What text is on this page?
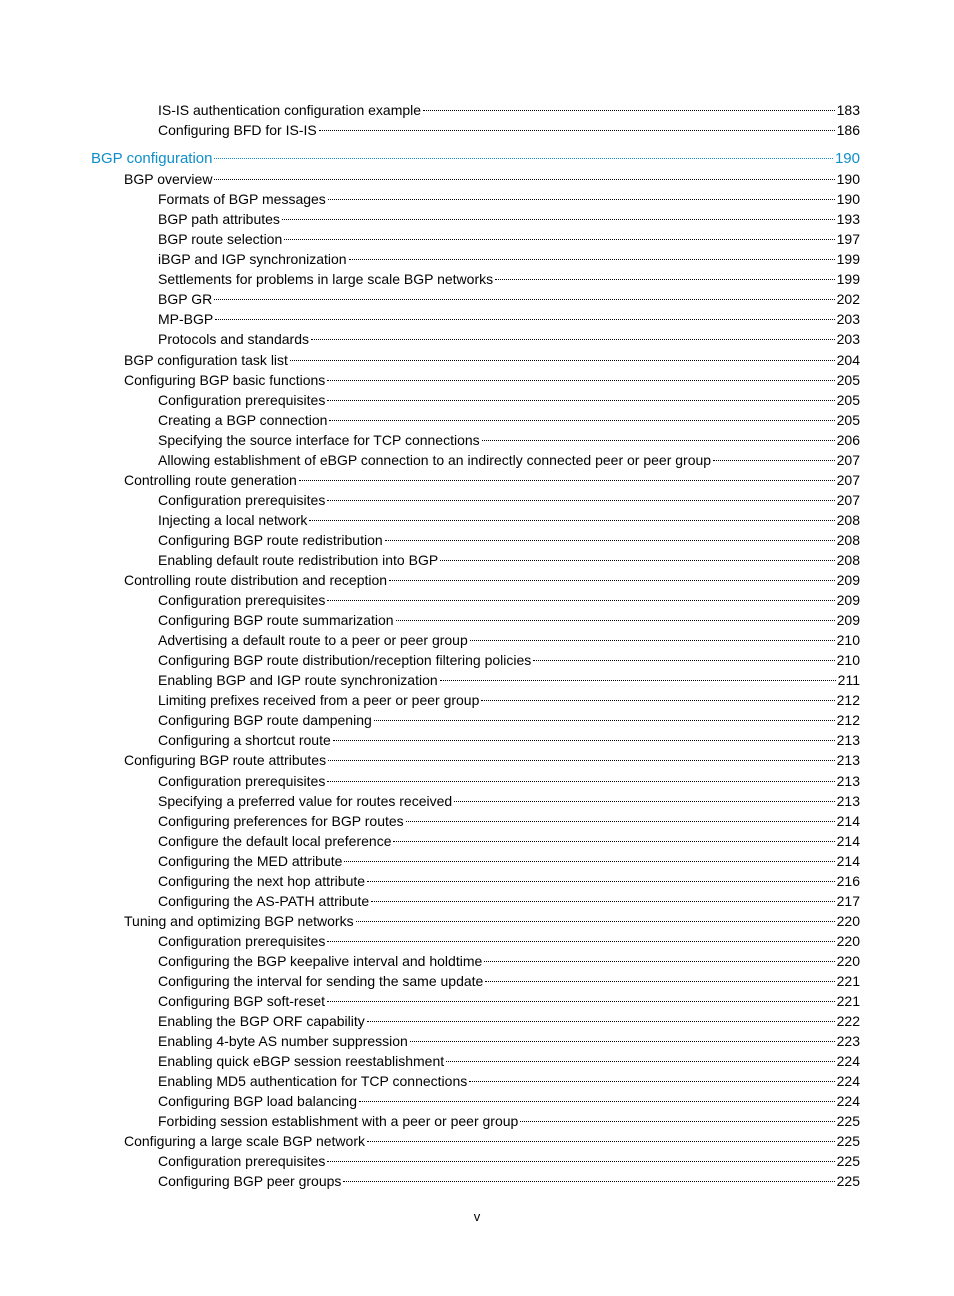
IS-IS authentication configuration example	183
Configuring BFD for IS-IS	186
BGP configuration	190
BGP overview	190
Formats of BGP messages	190
BGP path attributes	193
BGP route selection	197
iBGP and IGP synchronization	199
Settlements for problems in large scale BGP networks	199
BGP GR	202
MP-BGP	203
Protocols and standards	203
BGP configuration task list	204
Configuring BGP basic functions	205
Configuration prerequisites	205
Creating a BGP connection	205
Specifying the source interface for TCP connections	206
Allowing establishment of eBGP connection to an indirectly connected peer or peer group	207
Controlling route generation	207
Configuration prerequisites	207
Injecting a local network	208
Configuring BGP route redistribution	208
Enabling default route redistribution into BGP	208
Controlling route distribution and reception	209
Configuration prerequisites	209
Configuring BGP route summarization	209
Advertising a default route to a peer or peer group	210
Configuring BGP route distribution/reception filtering policies	210
Enabling BGP and IGP route synchronization	211
Limiting prefixes received from a peer or peer group	212
Configuring BGP route dampening	212
Configuring a shortcut route	213
Configuring BGP route attributes	213
Configuration prerequisites	213
Specifying a preferred value for routes received	213
Configuring preferences for BGP routes	214
Configure the default local preference	214
Configuring the MED attribute	214
Configuring the next hop attribute	216
Configuring the AS-PATH attribute	217
Tuning and optimizing BGP networks	220
Configuration prerequisites	220
Configuring the BGP keepalive interval and holdtime	220
Configuring the interval for sending the same update	221
Configuring BGP soft-reset	221
Enabling the BGP ORF capability	222
Enabling 4-byte AS number suppression	223
Enabling quick eBGP session reestablishment	224
Enabling MD5 authentication for TCP connections	224
Configuring BGP load balancing	224
Forbiding session establishment with a peer or peer group	225
Configuring a large scale BGP network	225
Configuration prerequisites	225
Configuring BGP peer groups	225
v
